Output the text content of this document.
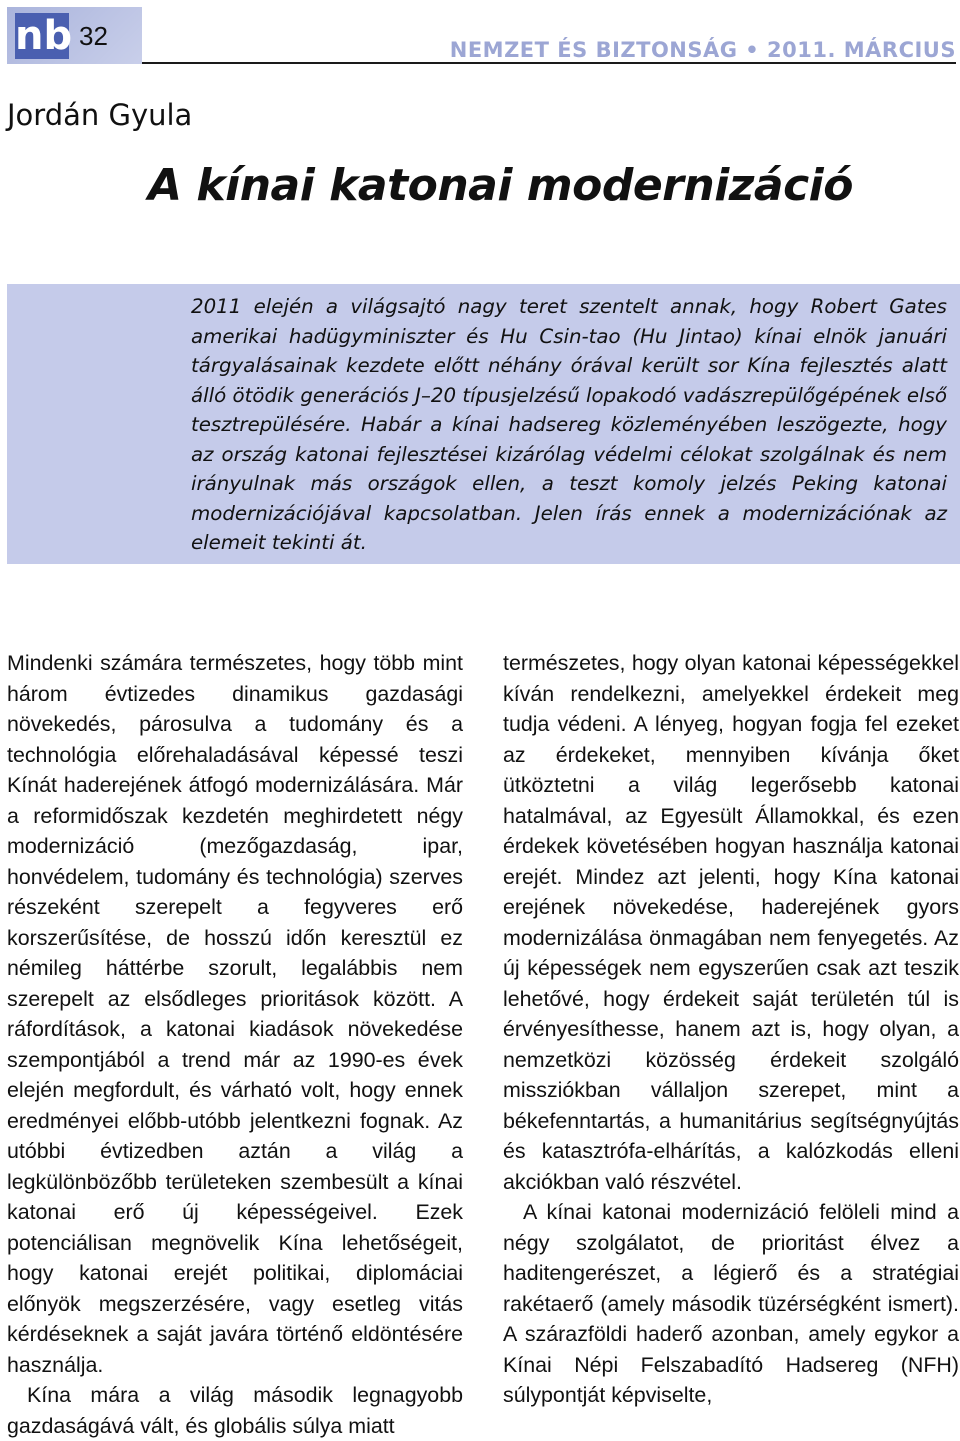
nb 32	NEMZET ÉS BIZTONSÁG • 2011. MÁRCIUS
Jordán Gyula
A kínai katonai modernizáció

2011 elején a világsajtó nagy teret szentelt annak, hogy Robert Gates amerikai hadügyminiszter és Hu Csin-tao (Hu Jintao) kínai elnök januári tárgyalásainak kezdete előtt néhány órával került sor Kína fejlesztés alatt álló ötödik generációs J–20 típusjelzésű lopakodó vadászrepülőgépének első tesztrepülésére. Habár a kínai hadsereg közleményében leszögezte, hogy az ország katonai fejlesztései kizárólag védelmi célokat szolgálnak és nem irányulnak más országok ellen, a teszt komoly jelzés Peking katonai modernizációjával kapcsolatban. Jelen írás ennek a modernizációnak az elemeit tekinti át.

Mindenki számára természetes, hogy több mint három évtizedes dinamikus gazdasági növekedés, párosulva a tudomány és a technológia előrehaladásával képessé teszi Kínát haderejének átfogó modernizálására. Már a reformidőszak kezdetén meghirdetett négy modernizáció (mezőgazdaság, ipar, honvédelem, tudomány és technológia) szerves részeként szerepelt a fegyveres erő korszerűsítése, de hosszú időn keresztül ez némileg háttérbe szorult, legalábbis nem szerepelt az elsődleges prioritások között. A ráfordítások, a katonai kiadások növekedése szempontjából a trend már az 1990-es évek elején megfordult, és várható volt, hogy ennek eredményei előbb-utóbb jelentkezni fognak. Az utóbbi évtizedben aztán a világ a legkülönbözőbb területeken szembesült a kínai katonai erő új képességeivel. Ezek potenciálisan megnövelik Kína lehetőségeit, hogy katonai erejét politikai, diplomáciai előnyök megszerzésére, vagy esetleg vitás kérdéseknek a saját javára történő eldöntésére használja.

Kína mára a világ második legnagyobb gazdaságává vált, és globális súlya miatt

természetes, hogy olyan katonai képességekkel kíván rendelkezni, amelyekkel érdekeit meg tudja védeni. A lényeg, hogyan fogja fel ezeket az érdekeket, mennyiben kívánja őket ütköztetni a világ legerősebb katonai hatalmával, az Egyesült Államokkal, és ezen érdekek követésében hogyan használja katonai erejét. Mindez azt jelenti, hogy Kína katonai erejének növekedése, haderejének gyors modernizálása önmagában nem fenyegetés. Az új képességek nem egyszerűen csak azt teszik lehetővé, hogy érdekeit saját területén túl is érvényesíthesse, hanem azt is, hogy olyan, a nemzetközi közösség érdekeit szolgáló missziókban vállaljon szerepet, mint a békefenntartás, a humanitárius segítségnyújtás és katasztrófa-elhárítás, a kalózkodás elleni akciókban való részvétel.

A kínai katonai modernizáció felöleli mind a négy szolgálatot, de prioritást élvez a haditengerészet, a légierő és a stratégiai rakétaerő (amely második tüzérségként ismert). A szárazföldi haderő azonban, amely egykor a Kínai Népi Felszabadító Hadsereg (NFH) súlypontját képviselte,
